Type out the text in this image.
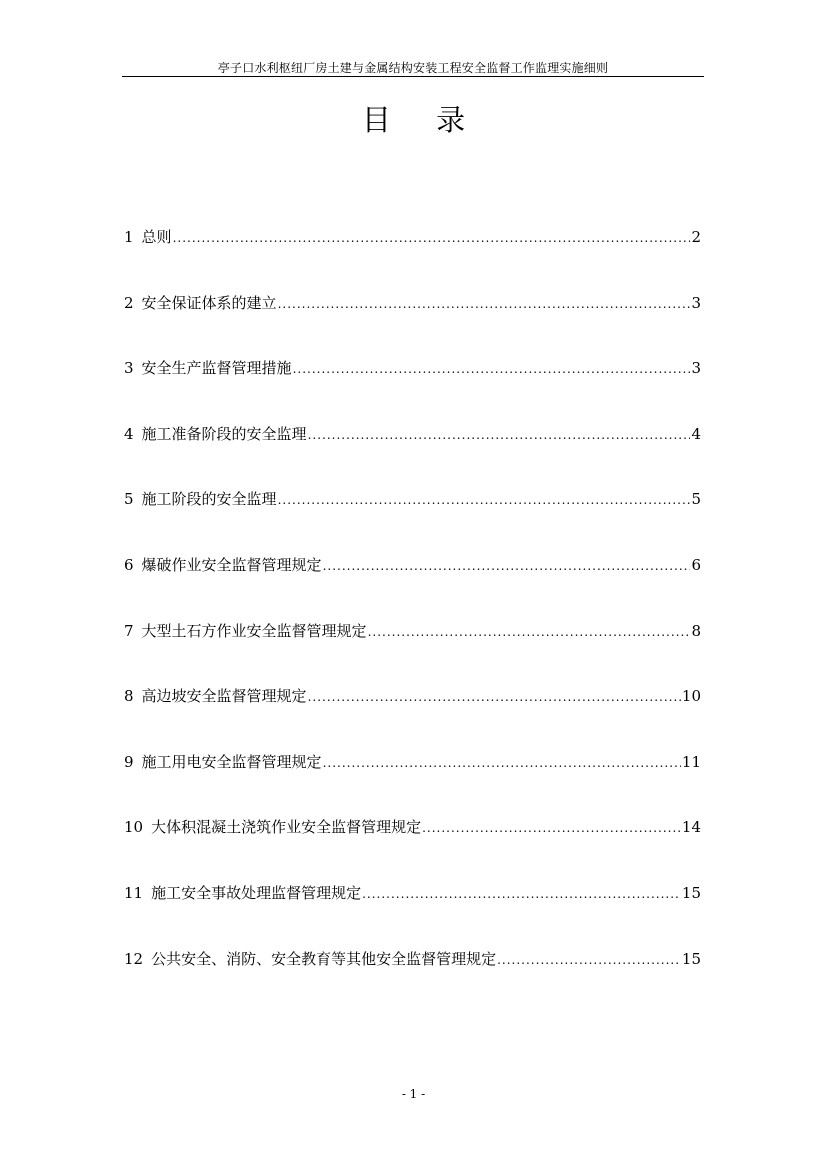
亭子口水利枢纽厂房土建与金属结构安装工程安全监督工作监理实施细则
目 录
1 总则 .....	2
2 安全保证体系的建立 .....	3
3 安全生产监督管理措施 .....	3
4 施工准备阶段的安全监理 .....	4
5 施工阶段的安全监理 .....	5
6 爆破作业安全监督管理规定 .....	6
7 大型土石方作业安全监督管理规定 .....	8
8 高边坡安全监督管理规定 .....	10
9 施工用电安全监督管理规定 .....	11
10 大体积混凝土浇筑作业安全监督管理规定 .....	14
11 施工安全事故处理监督管理规定 .....	15
12 公共安全、消防、安全教育等其他安全监督管理规定 .....	15
- 1 -
